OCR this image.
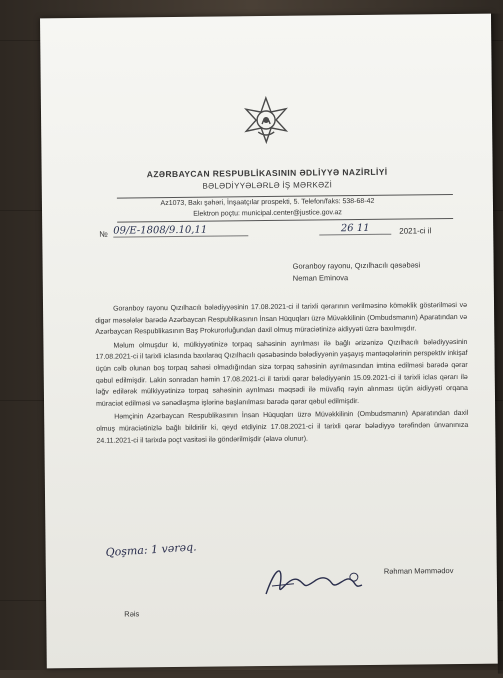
AZƏRBAYCAN RESPUBLİKASININ ƏDLİYYƏ NAZİRLİYİ
BƏLƏDİYYƏLƏRLƏ İŞ MƏRKƏZİ
Az1073, Bakı şəhəri, İnşaatçılar prospekti, 5. Telefon/faks: 538-68-42
Elektron poçtu: municipal.center@justice.gov.az
№ 09/E-1808/9.10,11	26 11	2021-ci il
Goranboy rayonu, Qızılhacılı qəsəbəsi
Neman Eminova

Goranboy rayonu Qızılhacılı bələdiyyəsinin 17.08.2021-ci il tarixli qərarının verilməsinə köməklik göstərilməsi və digər məsələlər barədə Azərbaycan Respublikasının İnsan Hüquqları üzrə Müvəkkilinin (Ombudsmanın) Aparatından və Azərbaycan Respublikasının Baş Prokurorluğundan daxil olmuş müraciətinizə aidiyyəti üzrə baxılmışdır.

Məlum olmuşdur ki, mülkiyyətinizə torpaq sahəsinin ayrılması ilə bağlı ərizənizə Qızılhacılı bələdiyyəsinin 17.08.2021-ci il tarixli iclasında baxılaraq Qızılhacılı qəsəbəsində bələdiyyənin yaşayış məntəqələrinin perspektiv inkişaf üçün cəlb olunan boş torpaq sahəsi olmadığından sizə torpaq sahəsinin ayrılmasından imtina edilməsi barədə qərar qəbul edilmişdir. Lakin sonradan həmin 17.08.2021-ci il tarixli qərar bələdiyyənin 15.09.2021-ci il tarixli iclas qərarı ilə ləğv edilərək mülkiyyətinizə torpaq sahəsinin ayrılması məqsədi ilə müvafiq rəyin alınması üçün aidiyyəti orqana müraciət edilməsi və sənədləşmə işlərinə başlanılması barədə qərar qəbul edilmişdir.

Həmçinin Azərbaycan Respublikasının İnsan Hüquqları üzrə Müvəkkilinin (Ombudsmanın) Aparatından daxil olmuş müraciətinizlə bağlı bildirilir ki, qeyd etdiyiniz 17.08.2021-ci il tarixli qərar bələdiyyə tərəfindən ünvanınıza 24.11.2021-ci il tarixdə poçt vasitəsi ilə göndərilmişdir (əlavə olunur).

Qoşma: 1 vərəq.
Rəis
Rəhman Məmmədov
